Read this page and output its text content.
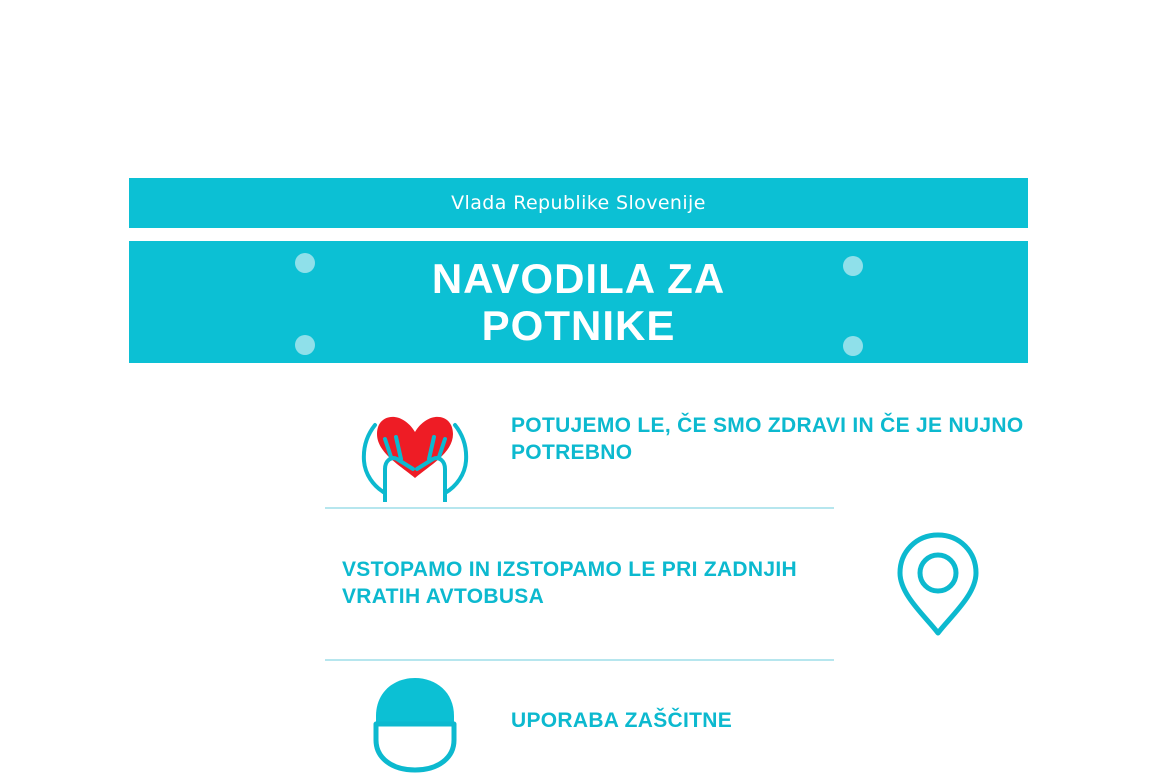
Vlada Republike Slovenije
NAVODILA ZA
POTNIKE
POTUJEMO LE, ČE SMO ZDRAVI IN ČE JE NUJNO POTREBNO
VSTOPAMO IN IZSTOPAMO LE PRI ZADNJIH VRATIH AVTOBUSA
UPORABA ZAŠČITNE
